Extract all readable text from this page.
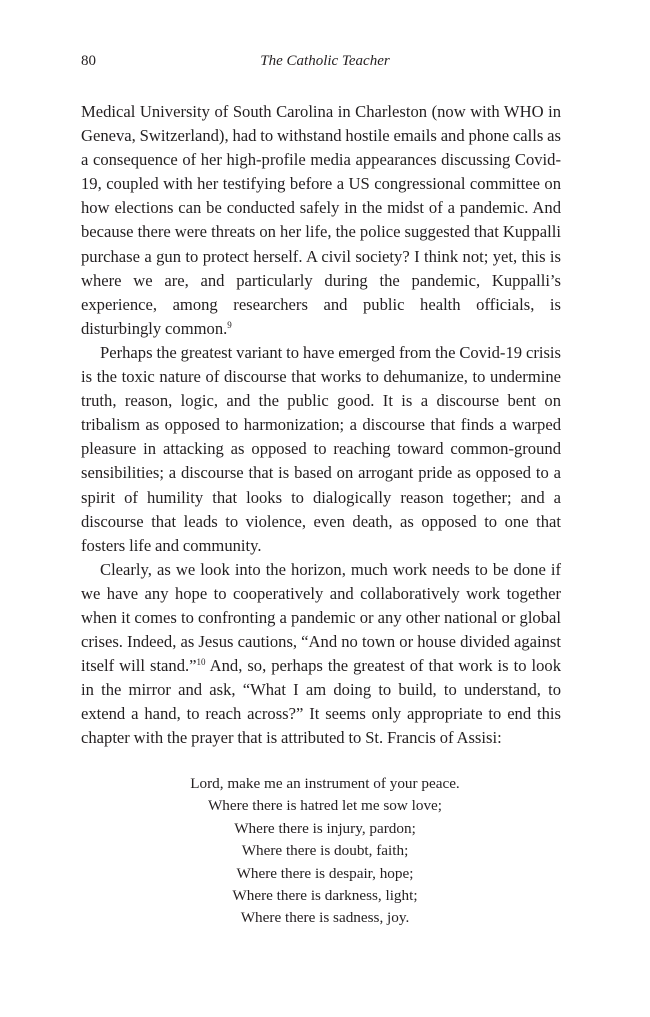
80	The Catholic Teacher

Medical University of South Carolina in Charleston (now with WHO in Geneva, Switzerland), had to withstand hostile emails and phone calls as a consequence of her high-profile media appearances discussing Covid-19, coupled with her testifying before a US congressional committee on how elections can be conducted safely in the midst of a pandemic. And because there were threats on her life, the police suggested that Kuppalli purchase a gun to protect herself. A civil society? I think not; yet, this is where we are, and particularly during the pandemic, Kuppalli’s experience, among researchers and public health officials, is disturbingly common.$^9$

Perhaps the greatest variant to have emerged from the Covid-19 crisis is the toxic nature of discourse that works to dehumanize, to undermine truth, reason, logic, and the public good. It is a discourse bent on tribalism as opposed to harmonization; a discourse that finds a warped pleasure in attacking as opposed to reaching toward common-ground sensibilities; a discourse that is based on arrogant pride as opposed to a spirit of humility that looks to dialogically reason together; and a discourse that leads to violence, even death, as opposed to one that fosters life and community.

Clearly, as we look into the horizon, much work needs to be done if we have any hope to cooperatively and collaboratively work together when it comes to confronting a pandemic or any other national or global crises. Indeed, as Jesus cautions, “And no town or house divided against itself will stand.”$^{10}$ And, so, perhaps the greatest of that work is to look in the mirror and ask, “What I am doing to build, to understand, to extend a hand, to reach across?” It seems only appropriate to end this chapter with the prayer that is attributed to St. Francis of Assisi:

Lord, make me an instrument of your peace.
Where there is hatred let me sow love;
Where there is injury, pardon;
Where there is doubt, faith;
Where there is despair, hope;
Where there is darkness, light;
Where there is sadness, joy.
